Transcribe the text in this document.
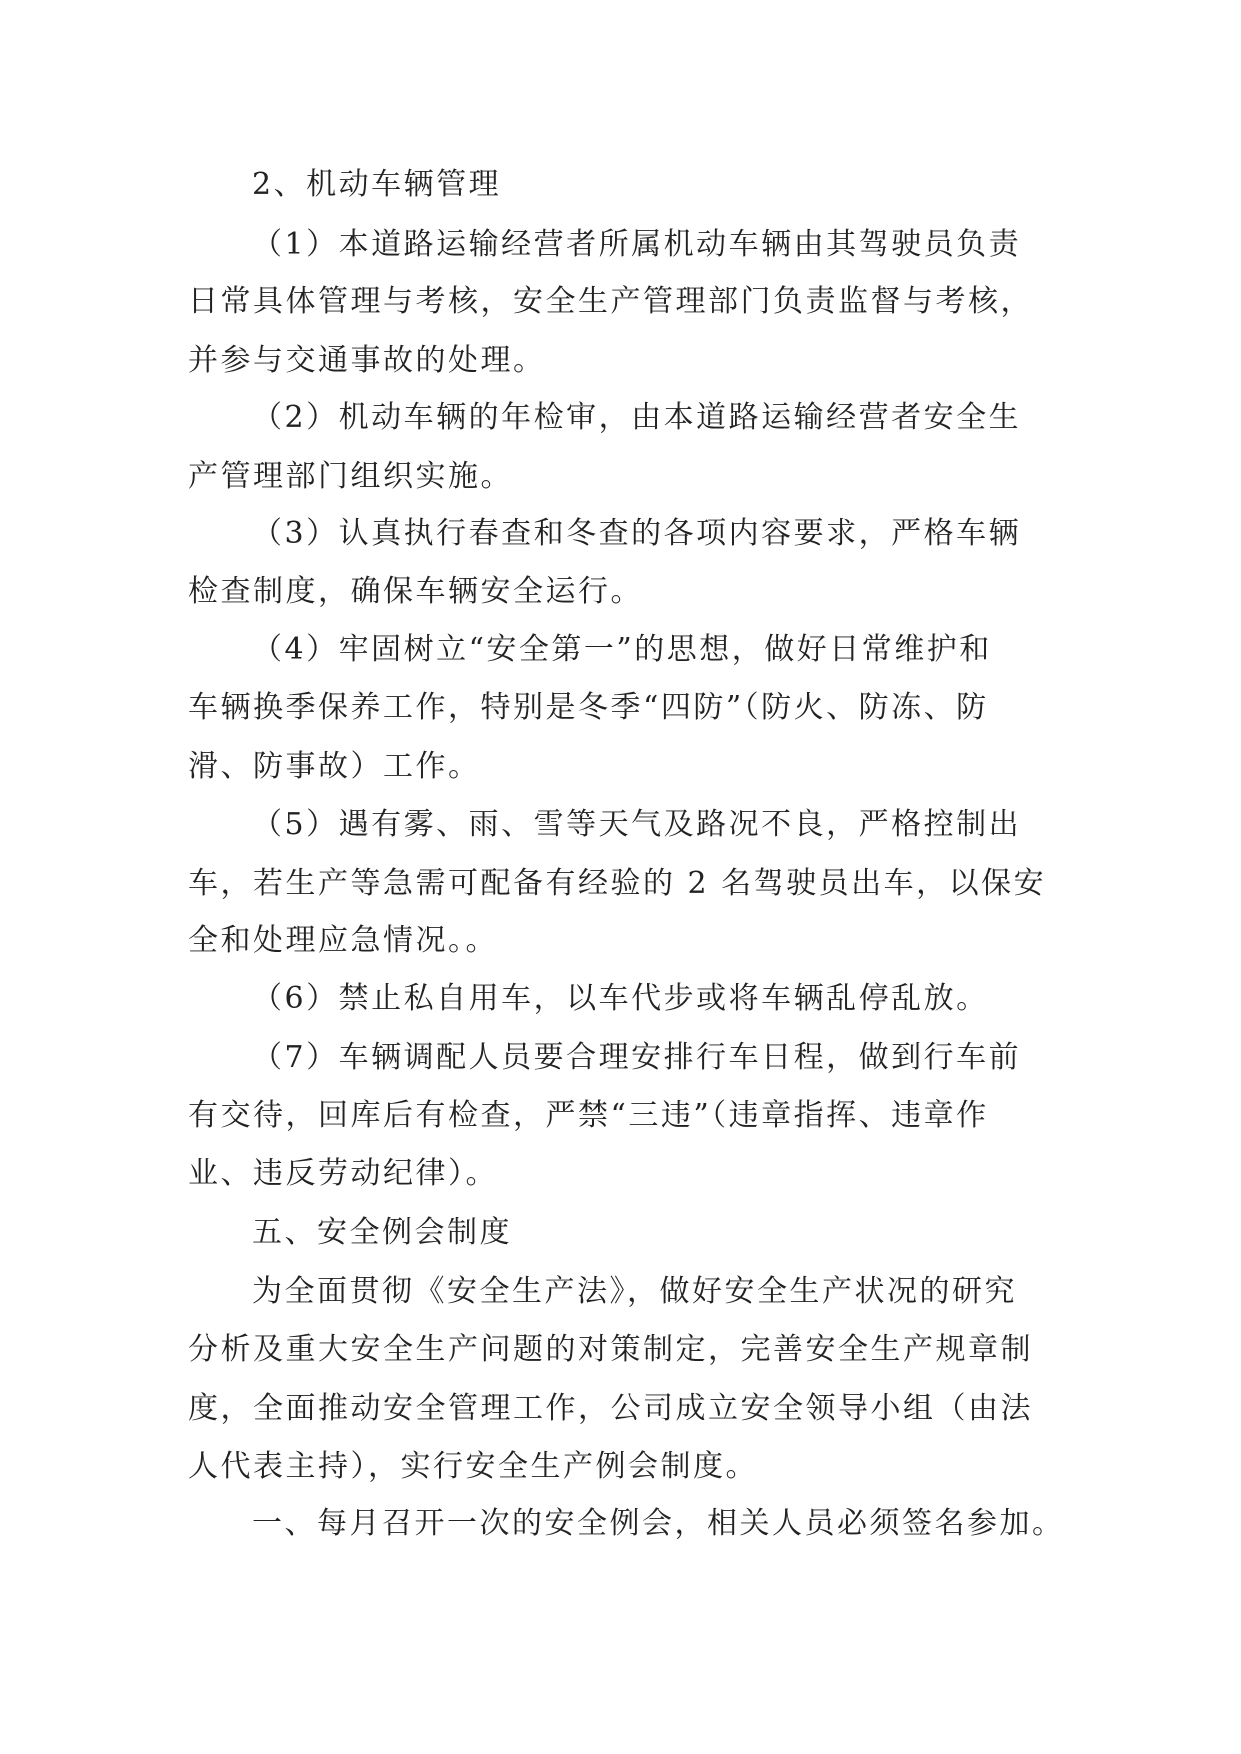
2、机动车辆管理
（1）本道路运输经营者所属机动车辆由其驾驶员负责
日常具体管理与考核，安全生产管理部门负责监督与考核，
并参与交通事故的处理。
（2）机动车辆的年检审，由本道路运输经营者安全生
产管理部门组织实施。
（3）认真执行春查和冬查的各项内容要求，严格车辆
检查制度，确保车辆安全运行。
（4）牢固树立“安全第一”的思想，做好日常维护和
车辆换季保养工作，特别是冬季“四防”（防火、防冻、防
滑、防事故）工作。
（5）遇有雾、雨、雪等天气及路况不良，严格控制出
车，若生产等急需可配备有经验的 2 名驾驶员出车，以保安
全和处理应急情况。。
（6）禁止私自用车，以车代步或将车辆乱停乱放。
（7）车辆调配人员要合理安排行车日程，做到行车前
有交待，回库后有检查，严禁“三违”（违章指挥、违章作
业、违反劳动纪律）。
五、安全例会制度
为全面贯彻《安全生产法》，做好安全生产状况的研究
分析及重大安全生产问题的对策制定，完善安全生产规章制
度，全面推动安全管理工作，公司成立安全领导小组（由法
人代表主持），实行安全生产例会制度。
一、每月召开一次的安全例会，相关人员必须签名参加。
